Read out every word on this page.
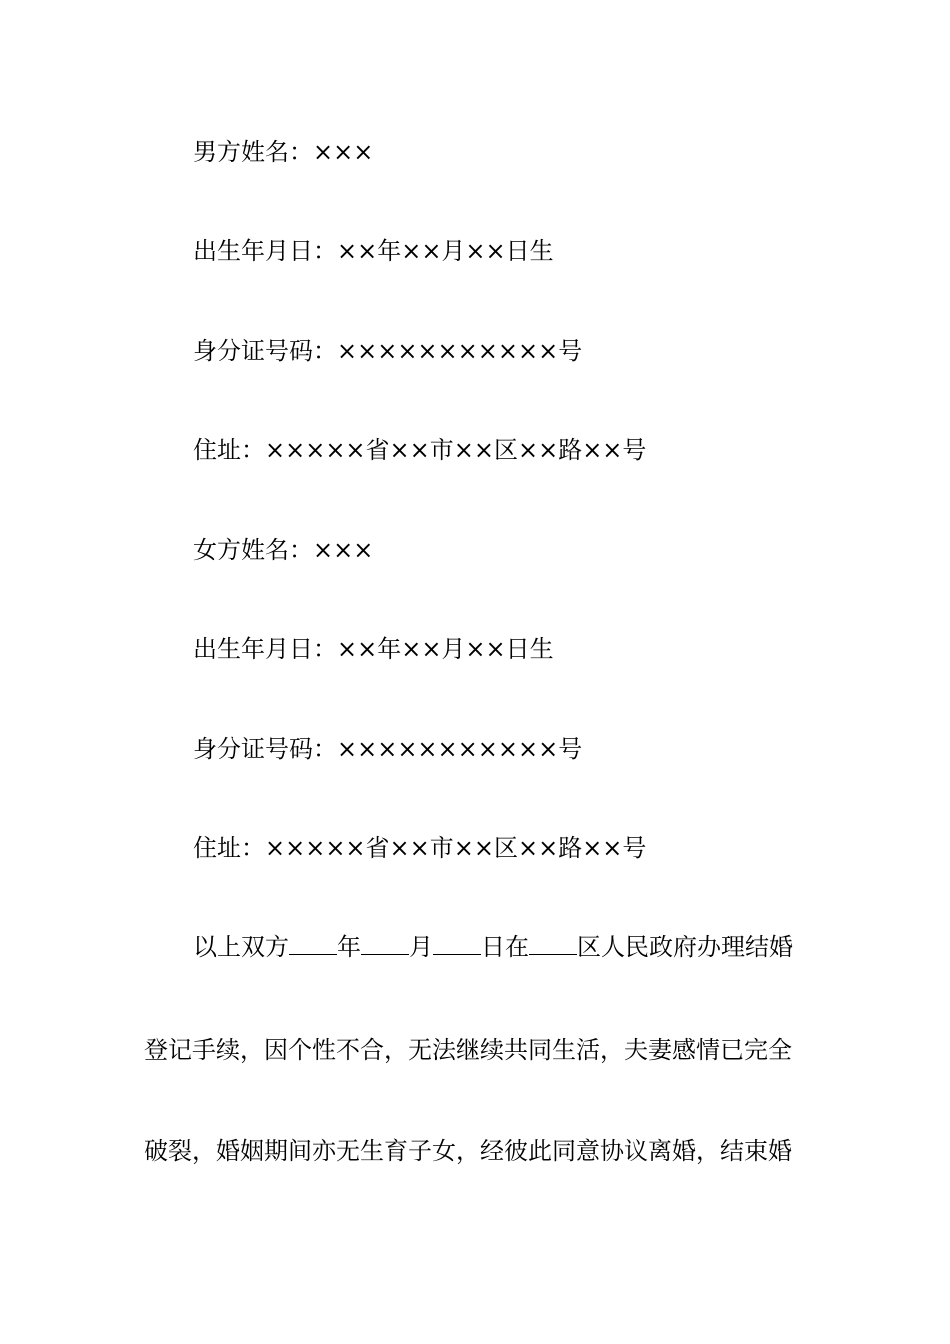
男方姓名：×××
出生年月日：××年××月××日生
身分证号码：×××××××××××号
住址：×××××省××市××区××路××号
女方姓名：×××
出生年月日：××年××月××日生
身分证号码：×××××××××××号
住址：×××××省××市××区××路××号
以上双方 年 月 日在 区人民政府办理结婚
登记手续，因个性不合，无法继续共同生活，夫妻感情已完全
破裂，婚姻期间亦无生育子女，经彼此同意协议离婚，结束婚
